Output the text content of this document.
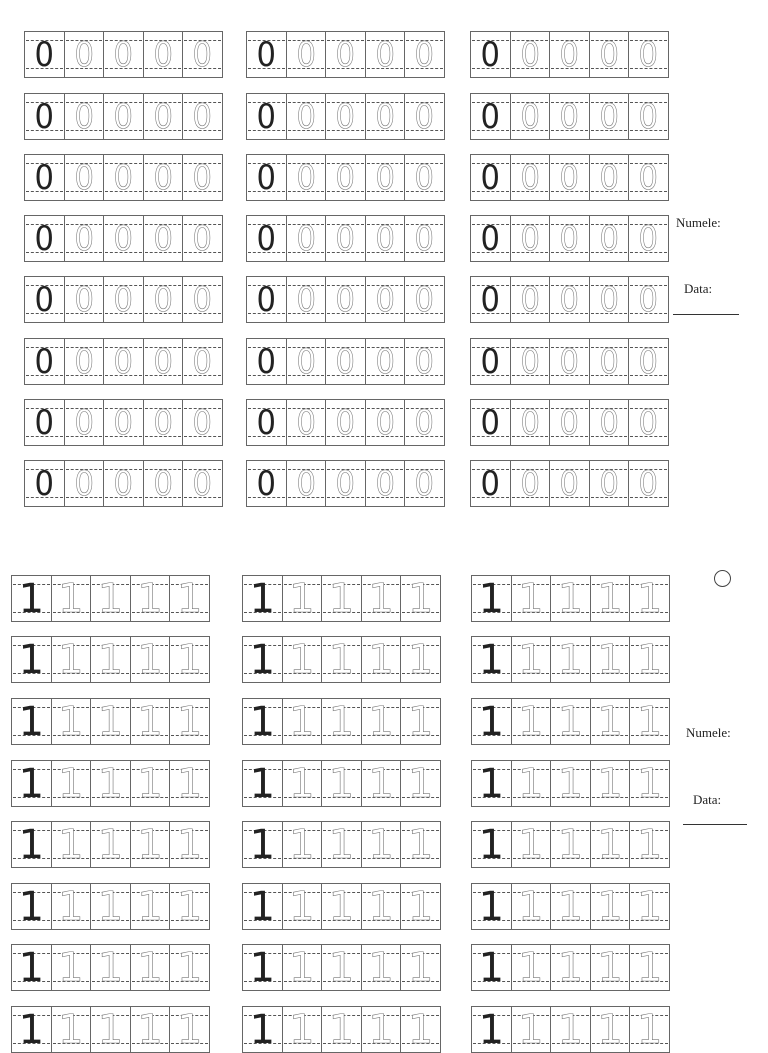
0 0 0 0 0 0 0 0 0 0 0 0 0 0 0
0 0 0 0 0 0 0 0 0 0 0 0 0 0 0
0 0 0 0 0 0 0 0 0 0 0 0 0 0 0
0 0 0 0 0 0 0 0 0 0 0 0 0 0 0
0 0 0 0 0 0 0 0 0 0 0 0 0 0 0
0 0 0 0 0 0 0 0 0 0 0 0 0 0 0
0 0 0 0 0 0 0 0 0 0 0 0 0 0 0
0 0 0 0 0 0 0 0 0 0 0 0 0 0 0
1 1 1 1 1 1 1 1 1 1 1 1 1 1 1
1 1 1 1 1 1 1 1 1 1 1 1 1 1 1
1 1 1 1 1 1 1 1 1 1 1 1 1 1 1
1 1 1 1 1 1 1 1 1 1 1 1 1 1 1
1 1 1 1 1 1 1 1 1 1 1 1 1 1 1
1 1 1 1 1 1 1 1 1 1 1 1 1 1 1
1 1 1 1 1 1 1 1 1 1 1 1 1 1 1
1 1 1 1 1 1 1 1 1 1 1 1 1 1 1
Numele:
Data:
Numele:
Data:
